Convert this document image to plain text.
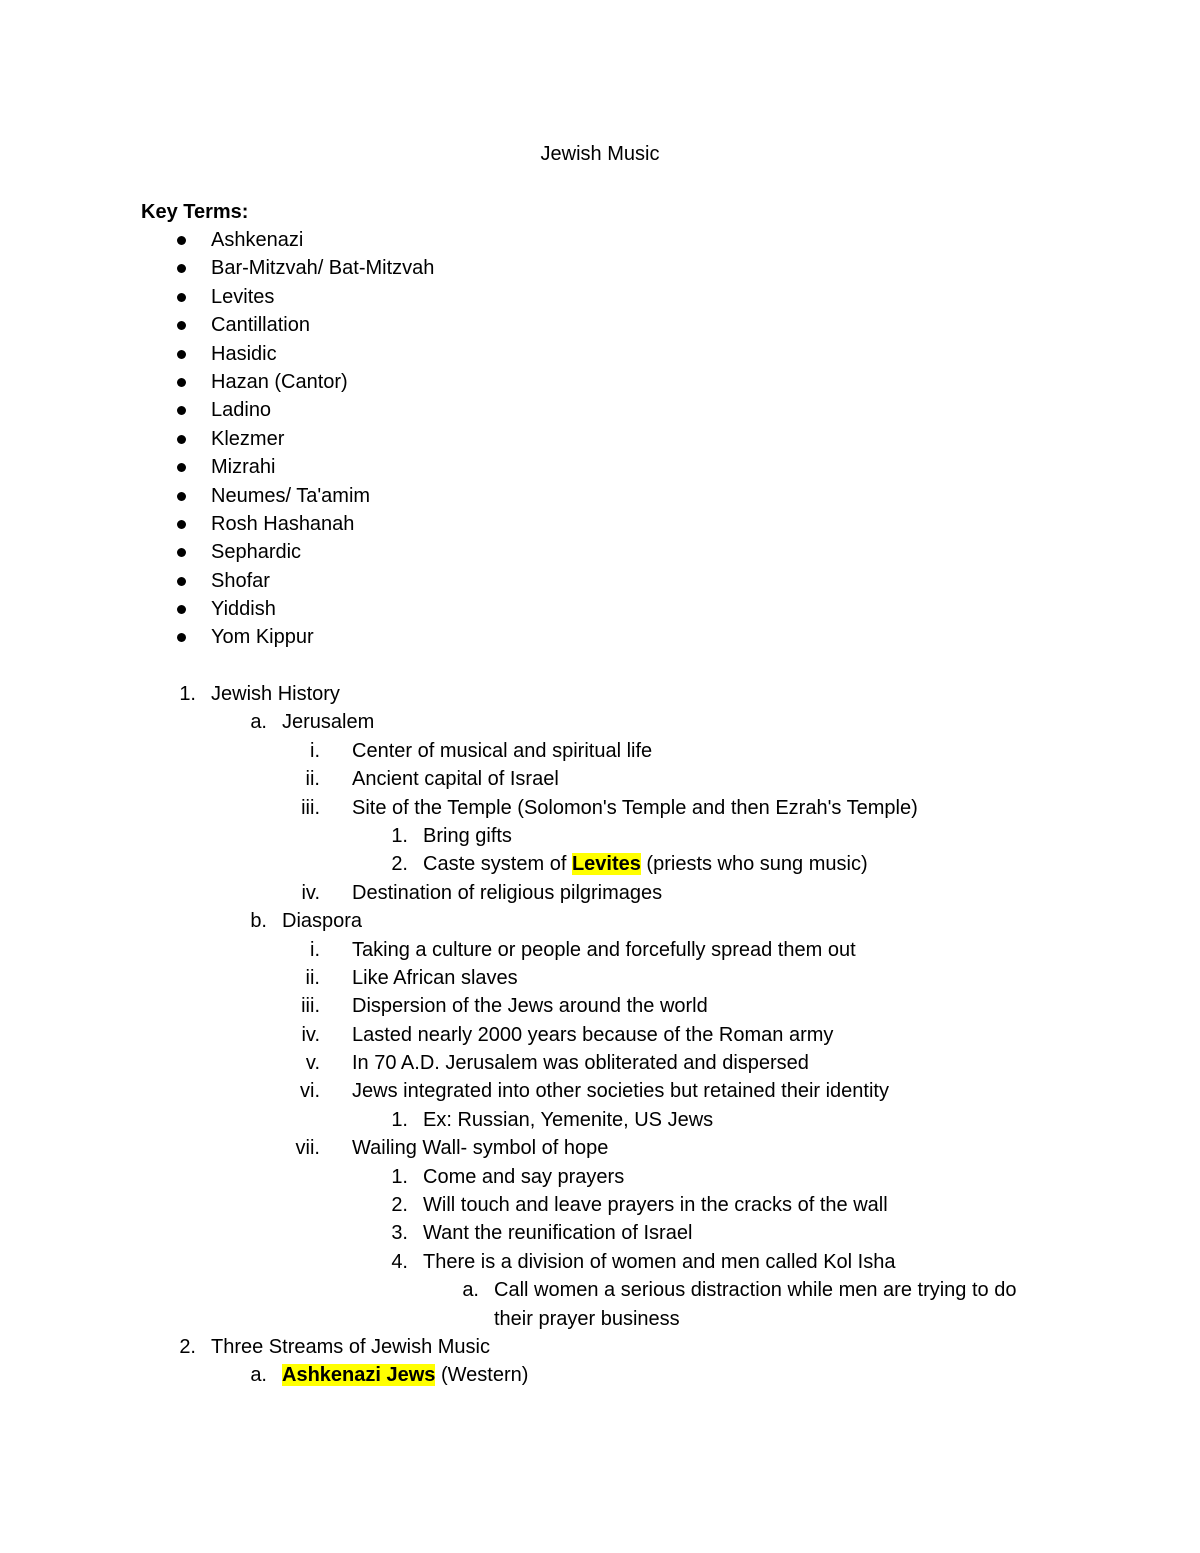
Jewish Music
Key Terms:
Ashkenazi
Bar-Mitzvah/ Bat-Mitzvah
Levites
Cantillation
Hasidic
Hazan (Cantor)
Ladino
Klezmer
Mizrahi
Neumes/ Ta'amim
Rosh Hashanah
Sephardic
Shofar
Yiddish
Yom Kippur
1. Jewish History
a. Jerusalem
i. Center of musical and spiritual life
ii. Ancient capital of Israel
iii. Site of the Temple (Solomon's Temple and then Ezrah's Temple)
1. Bring gifts
2. Caste system of Levites (priests who sung music)
iv. Destination of religious pilgrimages
b. Diaspora
i. Taking a culture or people and forcefully spread them out
ii. Like African slaves
iii. Dispersion of the Jews around the world
iv. Lasted nearly 2000 years because of the Roman army
v. In 70 A.D. Jerusalem was obliterated and dispersed
vi. Jews integrated into other societies but retained their identity
1. Ex: Russian, Yemenite, US Jews
vii. Wailing Wall- symbol of hope
1. Come and say prayers
2. Will touch and leave prayers in the cracks of the wall
3. Want the reunification of Israel
4. There is a division of women and men called Kol Isha
a. Call women a serious distraction while men are trying to do
their prayer business
2. Three Streams of Jewish Music
a. Ashkenazi Jews (Western)
